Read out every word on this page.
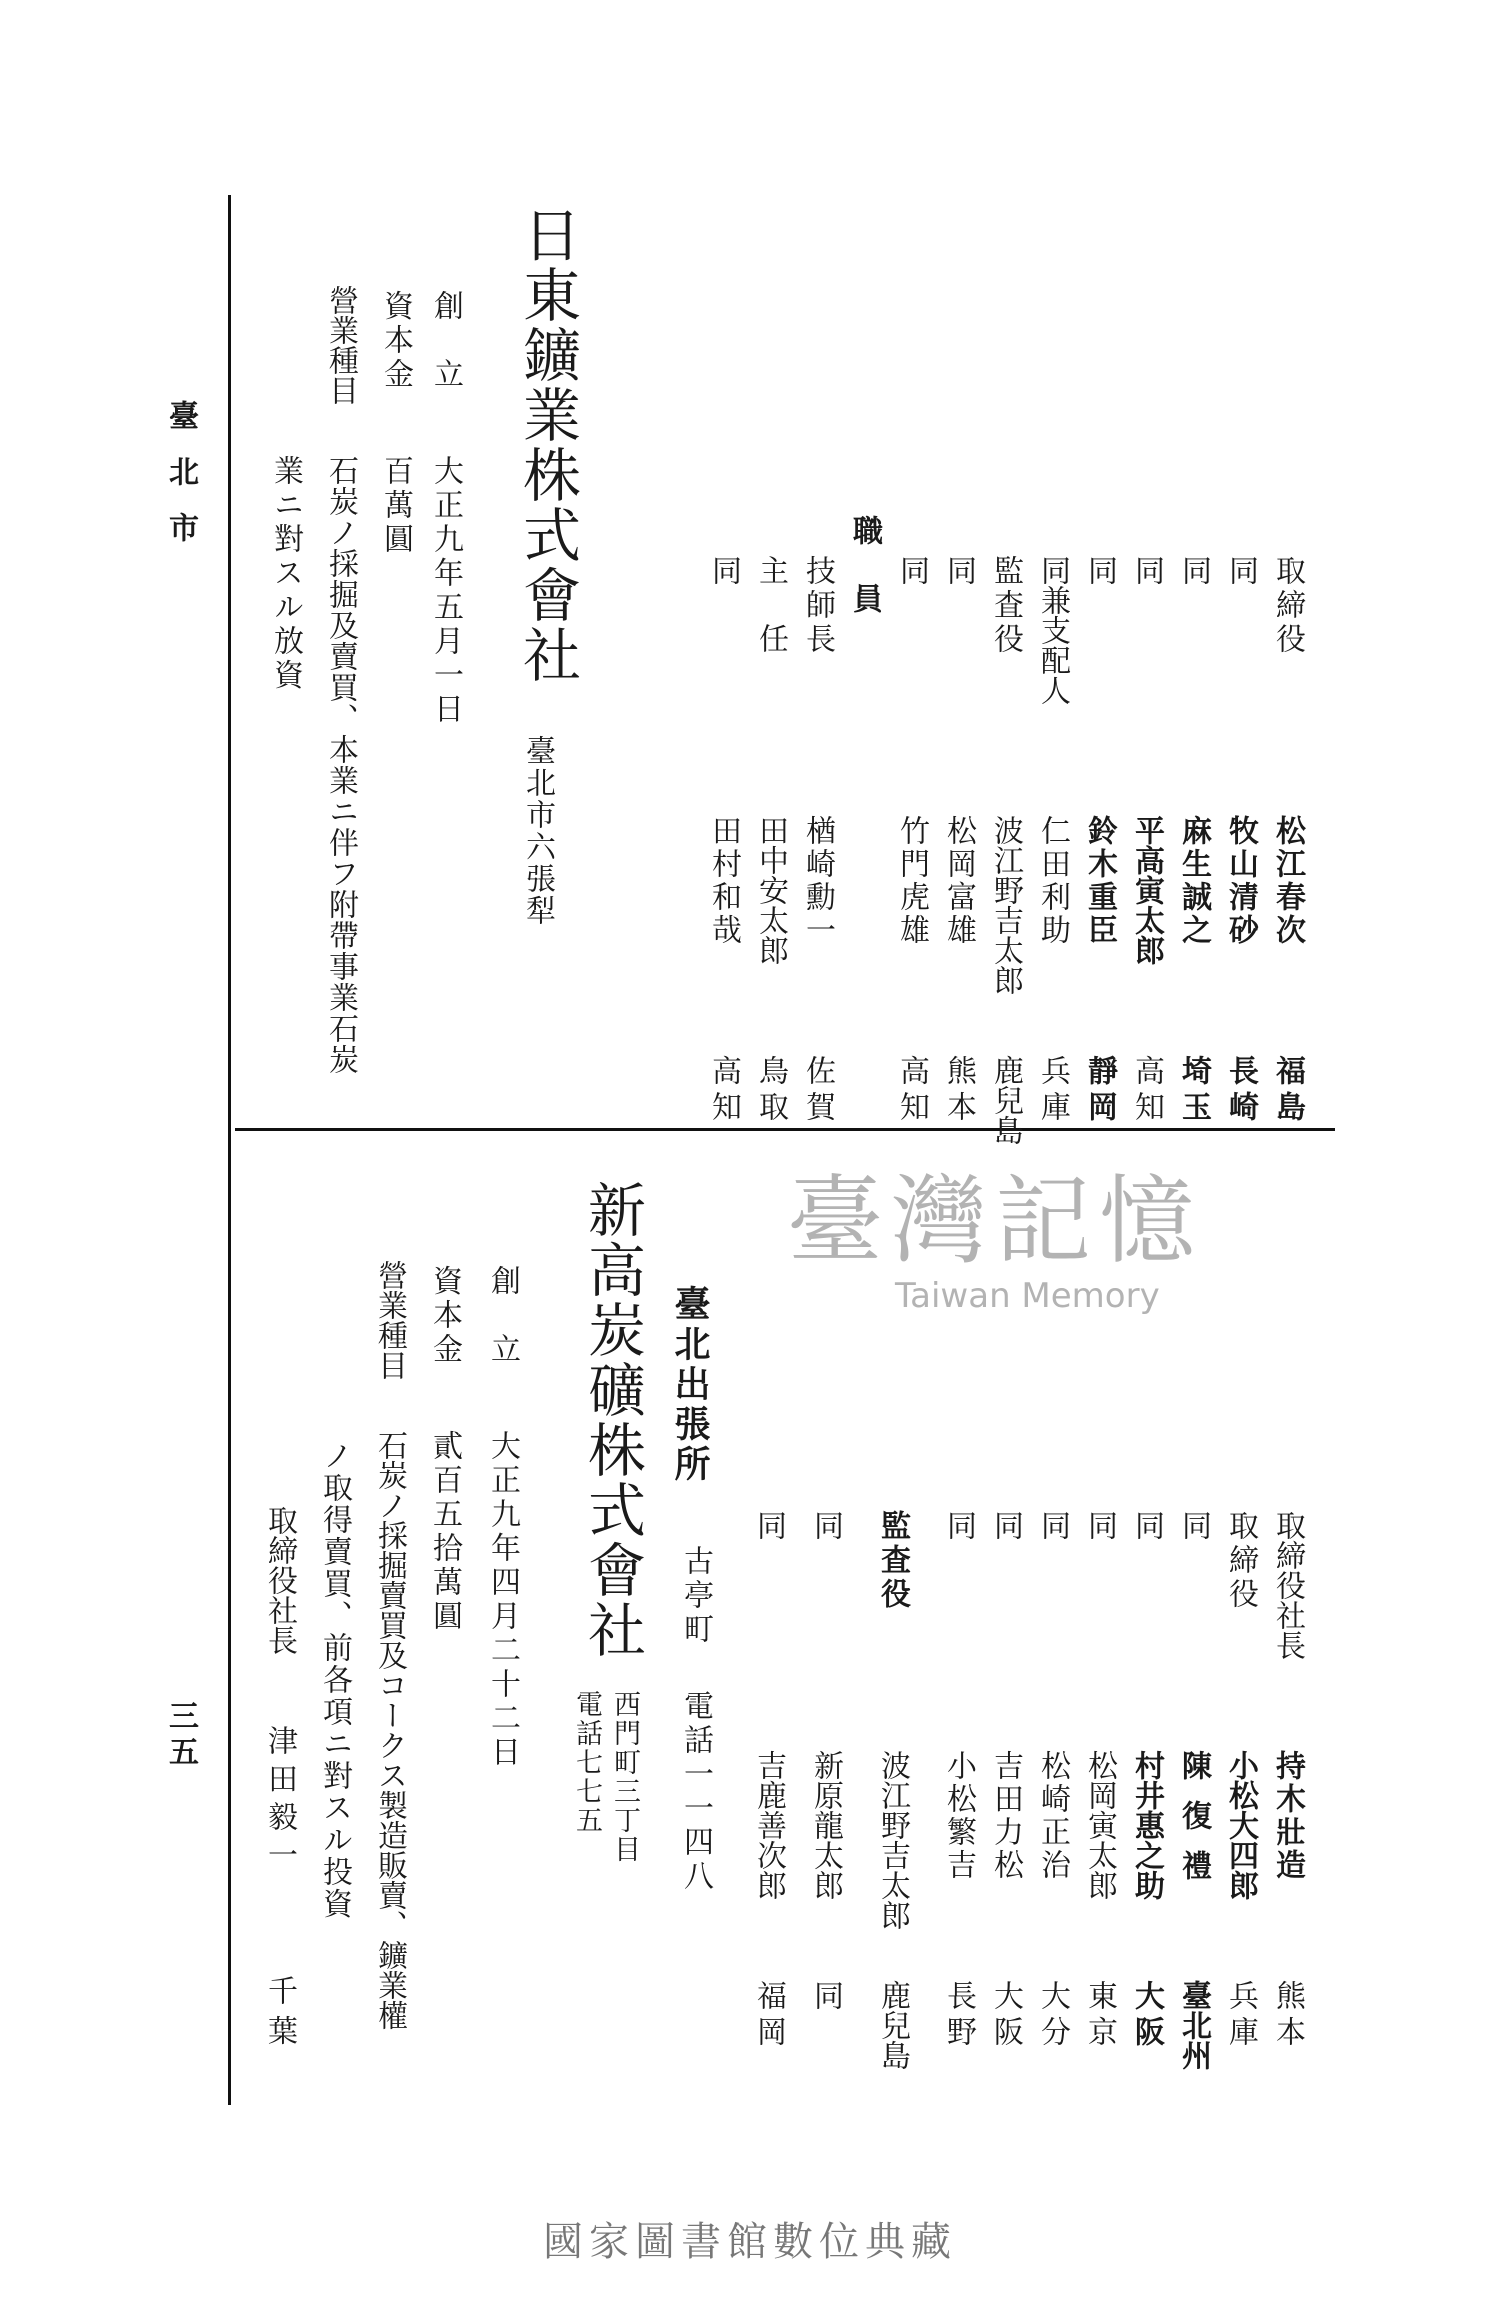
臺北市
三五
日東鑛業株式會社
臺北市六張犁
創　立
大正九年五月一日
資本金
百萬圓
營業種目
石炭ノ採掘及賣買、本業ニ伴フ附帶事業石炭
業ニ對スル放資	取締役
松江春次
福島
同
牧山清砂
長崎
同
麻生誠之
埼玉
同
平高寅太郎
高知
同
鈴木重臣
靜岡
同兼支配人
仁田利助
兵庫
監査役
波江野吉太郎
鹿兒島
同
松岡富雄
熊本
同
竹門虎雄
高知
職　員
技師長
楢崎勳一
佐賀
主　任
田中安太郎
鳥取
同
田村和哉
高知
新高炭礦株式會社
西門町三丁目
電話七七五
臺北出張所
古亭町
電話一一四八
創　立
大正九年四月二十二日
資本金
貳百五拾萬圓
營業種目
石炭ノ採掘賣買及コークス製造販賣、鑛業權
ノ取得賣買、前各項ニ對スル投資
取締役社長
津田毅一
千葉
取締役社長
持木壯造
熊本
取締役
小松大四郎
兵庫
同
陳復禮
臺北州
同
村井惠之助
大阪
同
松岡寅太郎
東京
同
松崎正治
大分
同
吉田力松
大阪
同
小松繁吉
長野
監査役
波江野吉太郎
鹿兒島
同
新原龍太郎
同
同
吉鹿善次郎
福岡
臺灣記憶
Taiwan Memory
國家圖書館數位典藏
